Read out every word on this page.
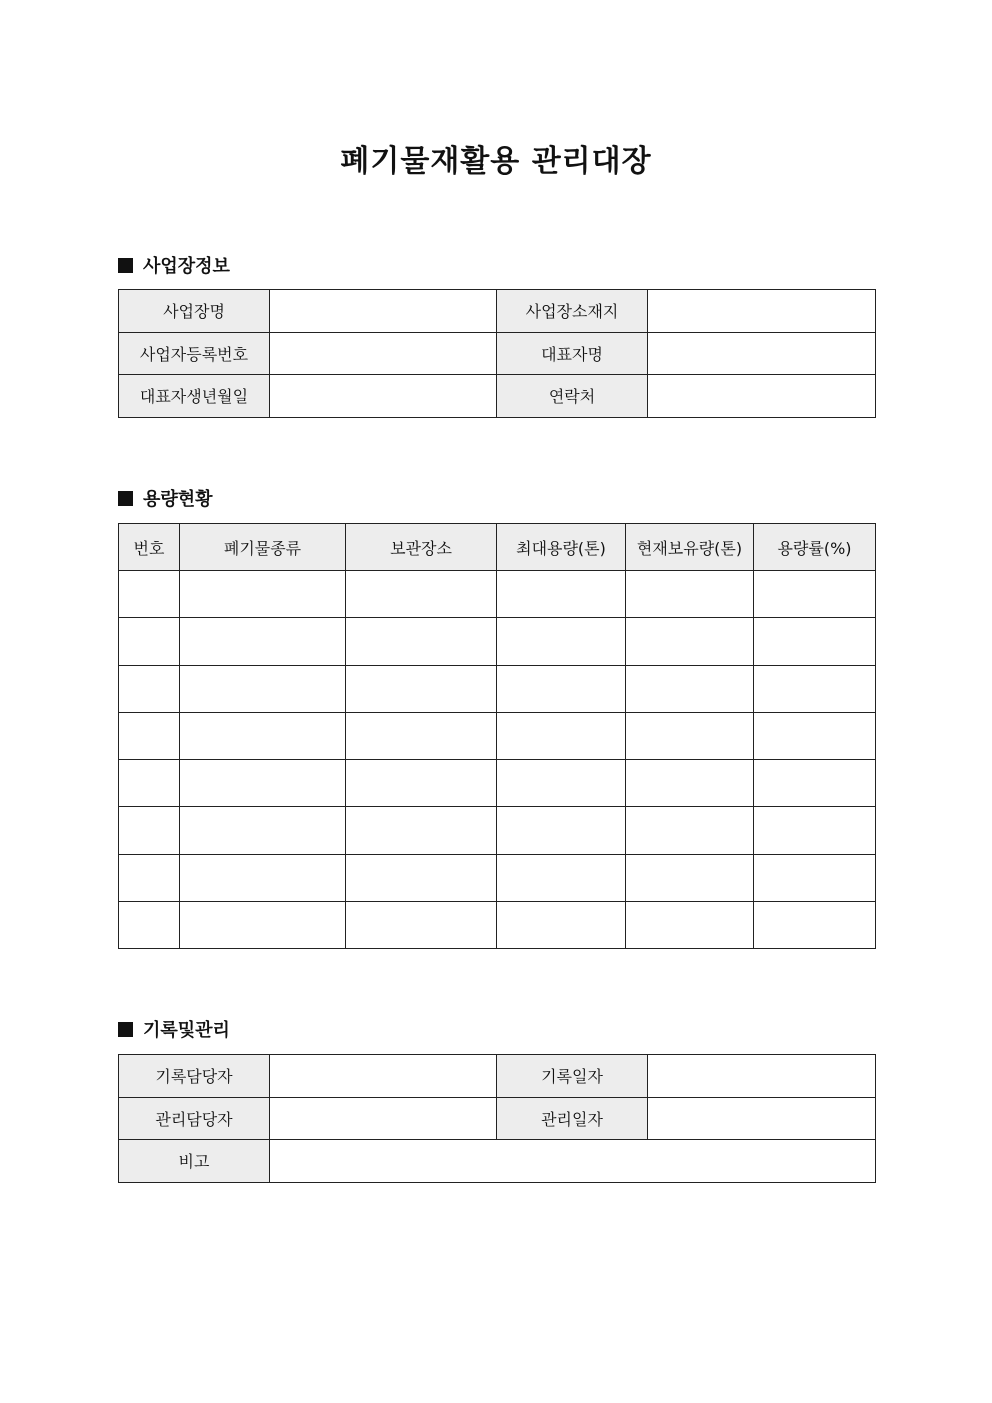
폐기물재활용 관리대장
사업장정보
사업장명		사업장소재지	
사업자등록번호		대표자명	
대표자생년월일		연락처	
용량현황
번호	폐기물종류	보관장소	최대용량(톤)	현재보유량(톤)	용량률(%)

기록및관리
기록담당자		기록일자	
관리담당자		관리일자	
비고			
